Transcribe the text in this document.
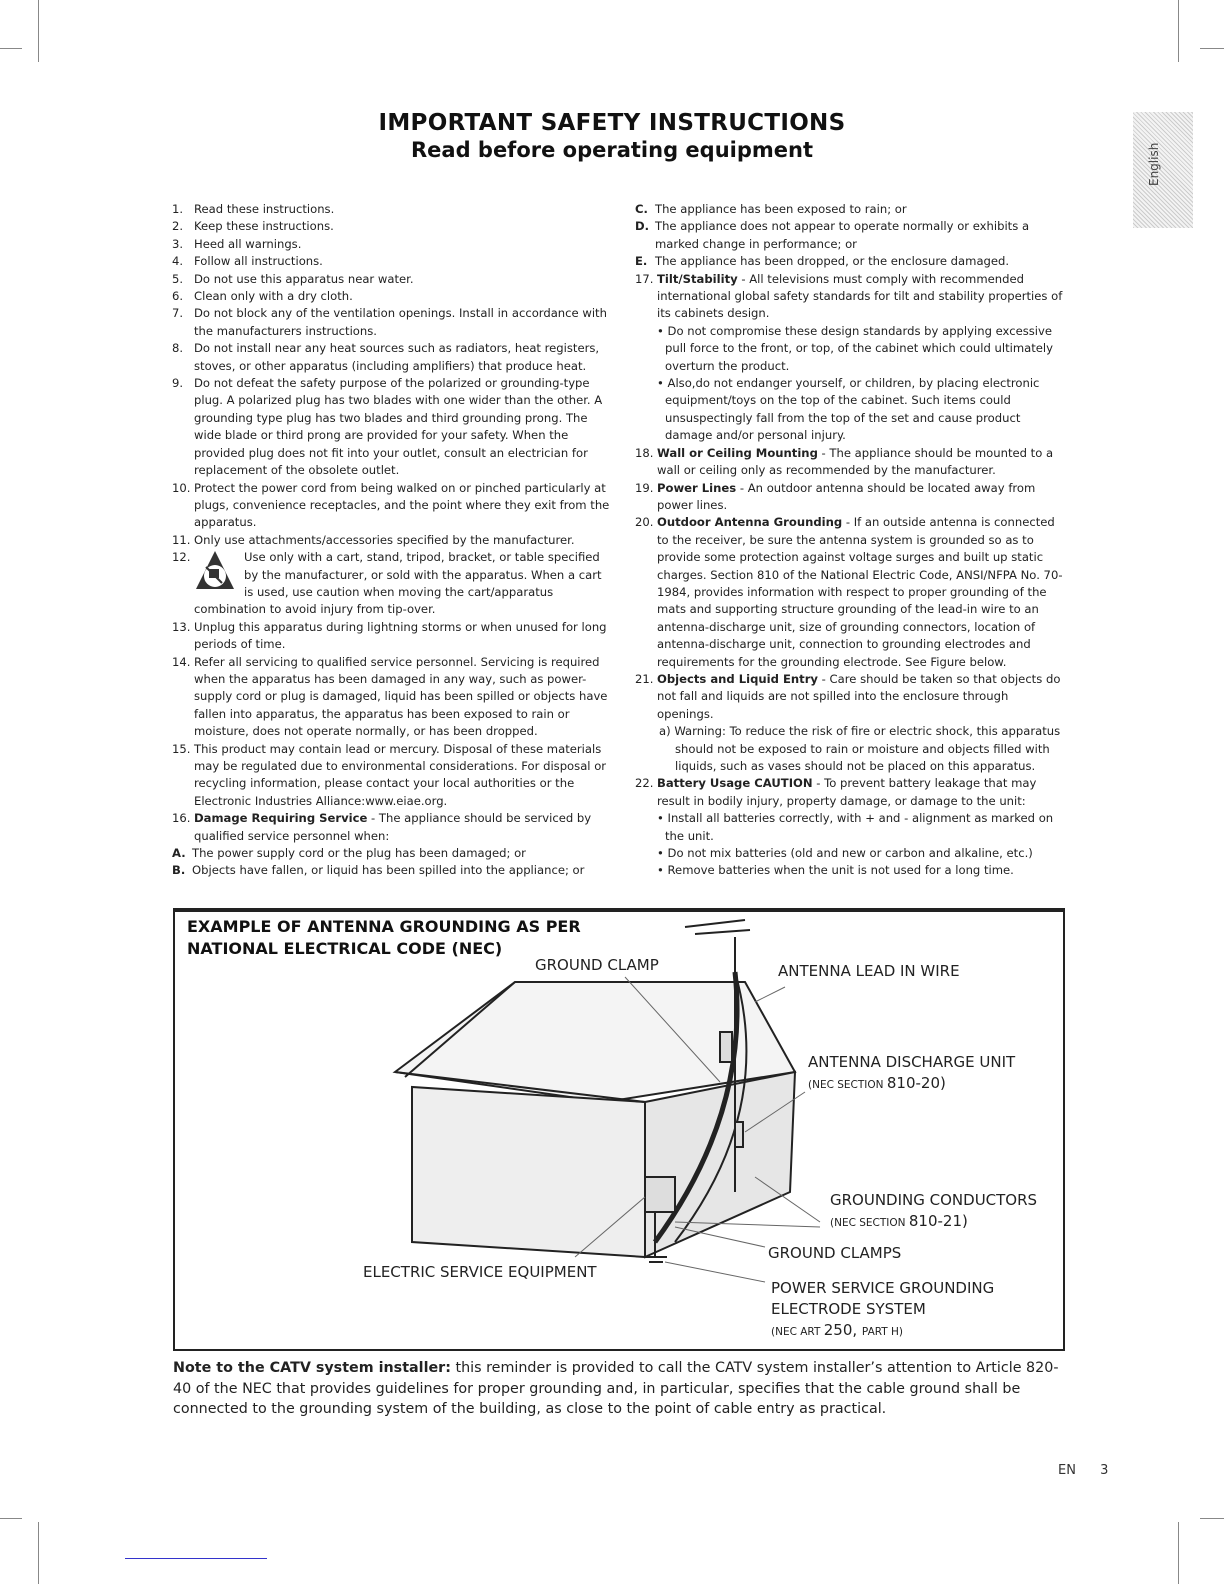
IMPORTANT SAFETY INSTRUCTIONS
Read before operating equipment	English
1. Read these instructions.
2. Keep these instructions.
3. Heed all warnings.
4. Follow all instructions.
5. Do not use this apparatus near water.
6. Clean only with a dry cloth.
7. Do not block any of the ventilation openings. Install in accordance with the manufacturers instructions.
8. Do not install near any heat sources such as radiators, heat registers, stoves, or other apparatus (including amplifiers) that produce heat.
9. Do not defeat the safety purpose of the polarized or grounding-type plug. A polarized plug has two blades with one wider than the other. A grounding type plug has two blades and third grounding prong. The wide blade or third prong are provided for your safety. When the provided plug does not fit into your outlet, consult an electrician for replacement of the obsolete outlet.
10. Protect the power cord from being walked on or pinched particularly at plugs, convenience receptacles, and the point where they exit from the apparatus.
11. Only use attachments/accessories specified by the manufacturer.
12.	Use only with a cart, stand, tripod, bracket, or table specified by the manufacturer, or sold with the apparatus. When a cart is used, use caution when moving the cart/apparatus combination to avoid injury from tip-over.
13. Unplug this apparatus during lightning storms or when unused for long periods of time.
14. Refer all servicing to qualified service personnel. Servicing is required when the apparatus has been damaged in any way, such as power-supply cord or plug is damaged, liquid has been spilled or objects have fallen into apparatus, the apparatus has been exposed to rain or moisture, does not operate normally, or has been dropped.
15. This product may contain lead or mercury. Disposal of these materials may be regulated due to environmental considerations. For disposal or recycling information, please contact your local authorities or the Electronic Industries Alliance:www.eiae.org.
16. Damage Requiring Service - The appliance should be serviced by qualified service personnel when:
A. The power supply cord or the plug has been damaged; or
B. Objects have fallen, or liquid has been spilled into the appliance; or
C. The appliance has been exposed to rain; or
D. The appliance does not appear to operate normally or exhibits a marked change in performance; or
E. The appliance has been dropped, or the enclosure damaged.
17. Tilt/Stability - All televisions must comply with recommended international global safety standards for tilt and stability properties of its cabinets design.
• Do not compromise these design standards by applying excessive pull force to the front, or top, of the cabinet which could ultimately overturn the product.
• Also,do not endanger yourself, or children, by placing electronic equipment/toys on the top of the cabinet. Such items could unsuspectingly fall from the top of the set and cause product damage and/or personal injury.
18. Wall or Ceiling Mounting - The appliance should be mounted to a wall or ceiling only as recommended by the manufacturer.
19. Power Lines - An outdoor antenna should be located away from power lines.
20. Outdoor Antenna Grounding - If an outside antenna is connected to the receiver, be sure the antenna system is grounded so as to provide some protection against voltage surges and built up static charges. Section 810 of the National Electric Code, ANSI/NFPA No. 70-1984, provides information with respect to proper grounding of the mats and supporting structure grounding of the lead-in wire to an antenna-discharge unit, size of grounding connectors, location of antenna-discharge unit, connection to grounding electrodes and requirements for the grounding electrode. See Figure below.
21. Objects and Liquid Entry - Care should be taken so that objects do not fall and liquids are not spilled into the enclosure through openings.
a) Warning: To reduce the risk of fire or electric shock, this apparatus should not be exposed to rain or moisture and objects filled with liquids, such as vases should not be placed on this apparatus.
22. Battery Usage CAUTION - To prevent battery leakage that may result in bodily injury, property damage, or damage to the unit:
• Install all batteries correctly, with + and - alignment as marked on the unit.
• Do not mix batteries (old and new or carbon and alkaline, etc.)
• Remove batteries when the unit is not used for a long time.
EXAMPLE OF ANTENNA GROUNDING AS PER
NATIONAL ELECTRICAL CODE (NEC)
GROUND CLAMP	ANTENNA LEAD IN WIRE
ANTENNA DISCHARGE UNIT
(NEC SECTION 810-20)
GROUNDING CONDUCTORS
(NEC SECTION 810-21)
GROUND CLAMPS
ELECTRIC SERVICE EQUIPMENT
POWER SERVICE GROUNDING
ELECTRODE SYSTEM
(NEC ART 250, PART H)
Note to the CATV system installer: this reminder is provided to call the CATV system installer’s attention to Article 820-40 of the NEC that provides guidelines for proper grounding and, in particular, specifies that the cable ground shall be connected to the grounding system of the building, as close to the point of cable entry as practical.
EN 3
